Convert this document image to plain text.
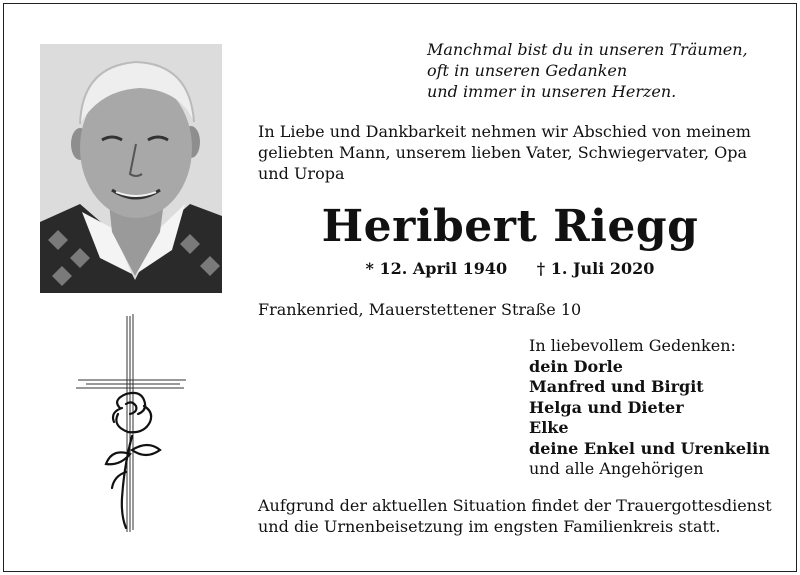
Manchmal bist du in unseren Träumen,
oft in unseren Gedanken
und immer in unseren Herzen.
In Liebe und Dankbarkeit nehmen wir Abschied von meinem geliebten Mann, unserem lieben Vater, Schwiegervater, Opa und Uropa
Heribert Riegg
* 12. April 1940 † 1. Juli 2020
Frankenried, Mauerstettener Straße 10
In liebevollem Gedenken:
dein Dorle
Manfred und Birgit
Helga und Dieter
Elke
deine Enkel und Urenkelin
und alle Angehörigen
Aufgrund der aktuellen Situation findet der Trauergottesdienst und die Urnenbeisetzung im engsten Familienkreis statt.
